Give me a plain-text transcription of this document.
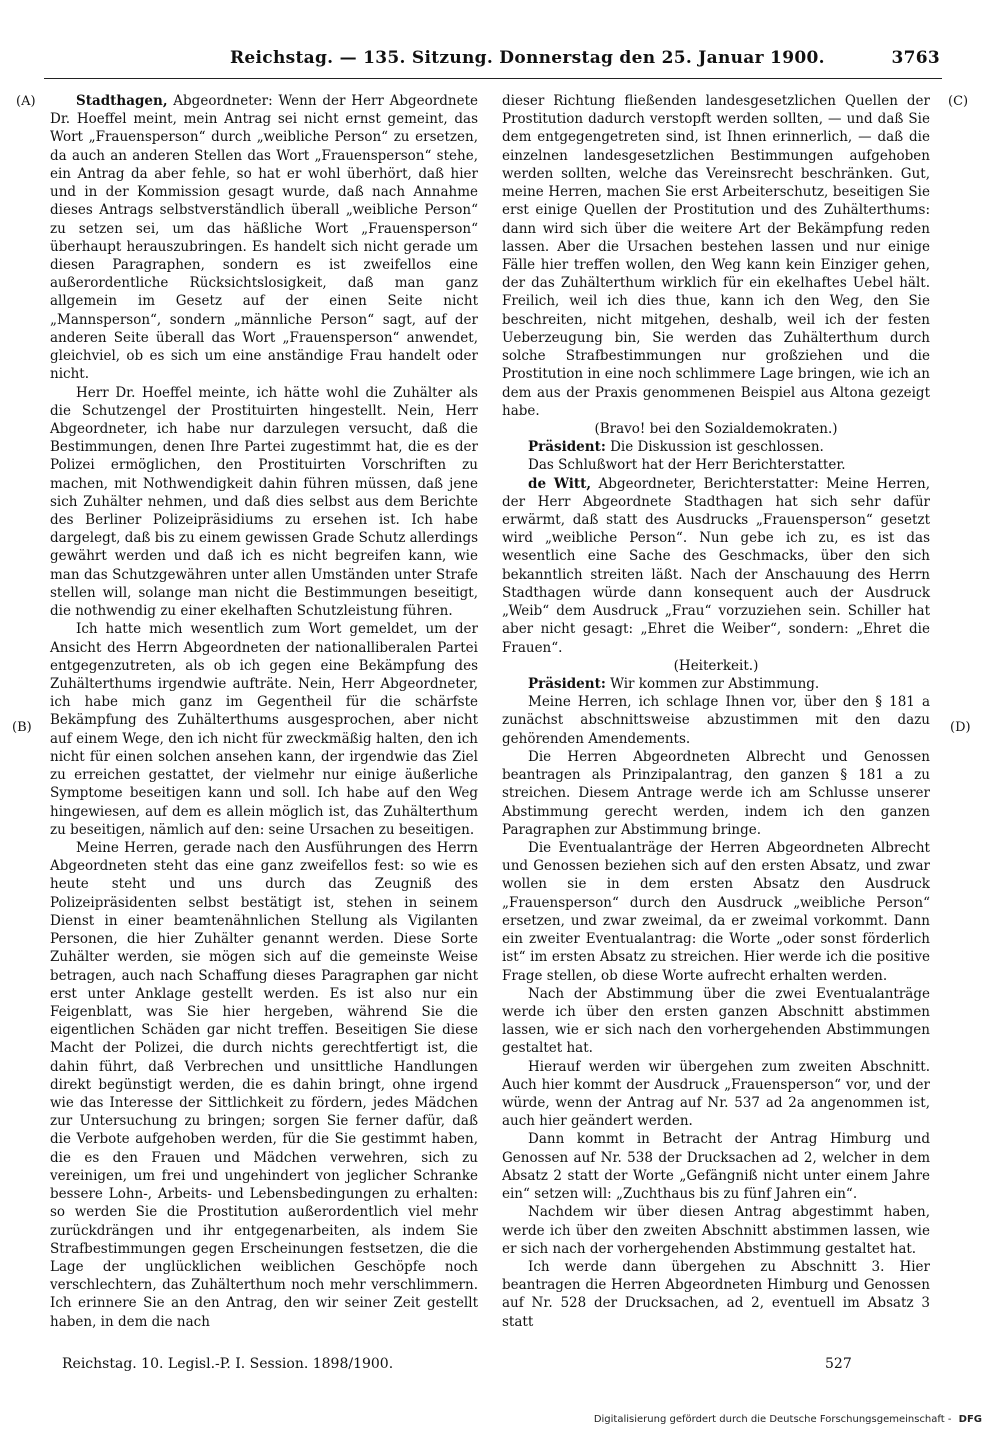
Reichstag. — 135. Sitzung. Donnerstag den 25. Januar 1900.	3763
(A)
(B)
(C)
(D)

Stadthagen, Abgeordneter: Wenn der Herr Abgeordnete Dr. Hoeffel meint, mein Antrag sei nicht ernst gemeint, das Wort „Frauensperson“ durch „weibliche Person“ zu ersetzen, da auch an anderen Stellen das Wort „Frauensperson“ stehe, ein Antrag da aber fehle, so hat er wohl überhört, daß hier und in der Kommission gesagt wurde, daß nach Annahme dieses Antrags selbstverständlich überall „weibliche Person“ zu setzen sei, um das häßliche Wort „Frauensperson“ überhaupt herauszubringen. Es handelt sich nicht gerade um diesen Paragraphen, sondern es ist zweifellos eine außerordentliche Rücksichtslosigkeit, daß man ganz allgemein im Gesetz auf der einen Seite nicht „Mannsperson“, sondern „männliche Person“ sagt, auf der anderen Seite überall das Wort „Frauensperson“ anwendet, gleichviel, ob es sich um eine anständige Frau handelt oder nicht.

Herr Dr. Hoeffel meinte, ich hätte wohl die Zuhälter als die Schutzengel der Prostituirten hingestellt. Nein, Herr Abgeordneter, ich habe nur darzulegen versucht, daß die Bestimmungen, denen Ihre Partei zugestimmt hat, die es der Polizei ermöglichen, den Prostituirten Vorschriften zu machen, mit Nothwendigkeit dahin führen müssen, daß jene sich Zuhälter nehmen, und daß dies selbst aus dem Berichte des Berliner Polizeipräsidiums zu ersehen ist. Ich habe dargelegt, daß bis zu einem gewissen Grade Schutz allerdings gewährt werden und daß ich es nicht begreifen kann, wie man das Schutzgewähren unter allen Umständen unter Strafe stellen will, solange man nicht die Bestimmungen beseitigt, die nothwendig zu einer ekelhaften Schutzleistung führen.

Ich hatte mich wesentlich zum Wort gemeldet, um der Ansicht des Herrn Abgeordneten der nationalliberalen Partei entgegenzutreten, als ob ich gegen eine Bekämpfung des Zuhälterthums irgendwie aufträte. Nein, Herr Abgeordneter, ich habe mich ganz im Gegentheil für die schärfste Bekämpfung des Zuhälterthums ausgesprochen, aber nicht auf einem Wege, den ich nicht für zweckmäßig halten, den ich nicht für einen solchen ansehen kann, der irgendwie das Ziel zu erreichen gestattet, der vielmehr nur einige äußerliche Symptome beseitigen kann und soll. Ich habe auf den Weg hingewiesen, auf dem es allein möglich ist, das Zuhälterthum zu beseitigen, nämlich auf den: seine Ursachen zu beseitigen.

Meine Herren, gerade nach den Ausführungen des Herrn Abgeordneten steht das eine ganz zweifellos fest: so wie es heute steht und uns durch das Zeugniß des Polizeipräsidenten selbst bestätigt ist, stehen in seinem Dienst in einer beamtenähnlichen Stellung als Vigilanten Personen, die hier Zuhälter genannt werden. Diese Sorte Zuhälter werden, sie mögen sich auf die gemeinste Weise betragen, auch nach Schaffung dieses Paragraphen gar nicht erst unter Anklage gestellt werden. Es ist also nur ein Feigenblatt, was Sie hier hergeben, während Sie die eigentlichen Schäden gar nicht treffen. Beseitigen Sie diese Macht der Polizei, die durch nichts gerechtfertigt ist, die dahin führt, daß Verbrechen und unsittliche Handlungen direkt begünstigt werden, die es dahin bringt, ohne irgend wie das Interesse der Sittlichkeit zu fördern, jedes Mädchen zur Untersuchung zu bringen; sorgen Sie ferner dafür, daß die Verbote aufgehoben werden, für die Sie gestimmt haben, die es den Frauen und Mädchen verwehren, sich zu vereinigen, um frei und ungehindert von jeglicher Schranke bessere Lohn-, Arbeits- und Lebensbedingungen zu erhalten: so werden Sie die Prostitution außerordentlich viel mehr zurückdrängen und ihr entgegenarbeiten, als indem Sie Strafbestimmungen gegen Erscheinungen festsetzen, die die Lage der unglücklichen weiblichen Geschöpfe noch verschlechtern, das Zuhälterthum noch mehr verschlimmern. Ich erinnere Sie an den Antrag, den wir seiner Zeit gestellt haben, in dem die nach

dieser Richtung fließenden landesgesetzlichen Quellen der Prostitution dadurch verstopft werden sollten, — und daß Sie dem entgegengetreten sind, ist Ihnen erinnerlich, — daß die einzelnen landesgesetzlichen Bestimmungen aufgehoben werden sollten, welche das Vereinsrecht beschränken. Gut, meine Herren, machen Sie erst Arbeiterschutz, beseitigen Sie erst einige Quellen der Prostitution und des Zuhälterthums: dann wird sich über die weitere Art der Bekämpfung reden lassen. Aber die Ursachen bestehen lassen und nur einige Fälle hier treffen wollen, den Weg kann kein Einziger gehen, der das Zuhälterthum wirklich für ein ekelhaftes Uebel hält. Freilich, weil ich dies thue, kann ich den Weg, den Sie beschreiten, nicht mitgehen, deshalb, weil ich der festen Ueberzeugung bin, Sie werden das Zuhälterthum durch solche Strafbestimmungen nur großziehen und die Prostitution in eine noch schlimmere Lage bringen, wie ich an dem aus der Praxis genommenen Beispiel aus Altona gezeigt habe.

(Bravo! bei den Sozialdemokraten.)

Präsident: Die Diskussion ist geschlossen.

Das Schlußwort hat der Herr Berichterstatter.

de Witt, Abgeordneter, Berichterstatter: Meine Herren, der Herr Abgeordnete Stadthagen hat sich sehr dafür erwärmt, daß statt des Ausdrucks „Frauensperson“ gesetzt wird „weibliche Person“. Nun gebe ich zu, es ist das wesentlich eine Sache des Geschmacks, über den sich bekanntlich streiten läßt. Nach der Anschauung des Herrn Stadthagen würde dann konsequent auch der Ausdruck „Weib“ dem Ausdruck „Frau“ vorzuziehen sein. Schiller hat aber nicht gesagt: „Ehret die Weiber“, sondern: „Ehret die Frauen“.

(Heiterkeit.)

Präsident: Wir kommen zur Abstimmung.

Meine Herren, ich schlage Ihnen vor, über den § 181 a zunächst abschnittsweise abzustimmen mit den dazu gehörenden Amendements.

Die Herren Abgeordneten Albrecht und Genossen beantragen als Prinzipalantrag, den ganzen § 181 a zu streichen. Diesem Antrage werde ich am Schlusse unserer Abstimmung gerecht werden, indem ich den ganzen Paragraphen zur Abstimmung bringe.

Die Eventualanträge der Herren Abgeordneten Albrecht und Genossen beziehen sich auf den ersten Absatz, und zwar wollen sie in dem ersten Absatz den Ausdruck „Frauensperson“ durch den Ausdruck „weibliche Person“ ersetzen, und zwar zweimal, da er zweimal vorkommt. Dann ein zweiter Eventualantrag: die Worte „oder sonst förderlich ist“ im ersten Absatz zu streichen. Hier werde ich die positive Frage stellen, ob diese Worte aufrecht erhalten werden.

Nach der Abstimmung über die zwei Eventualanträge werde ich über den ersten ganzen Abschnitt abstimmen lassen, wie er sich nach den vorhergehenden Abstimmungen gestaltet hat.

Hierauf werden wir übergehen zum zweiten Abschnitt. Auch hier kommt der Ausdruck „Frauensperson“ vor, und der würde, wenn der Antrag auf Nr. 537 ad 2a angenommen ist, auch hier geändert werden.

Dann kommt in Betracht der Antrag Himburg und Genossen auf Nr. 538 der Drucksachen ad 2, welcher in dem Absatz 2 statt der Worte „Gefängniß nicht unter einem Jahre ein“ setzen will: „Zuchthaus bis zu fünf Jahren ein“.

Nachdem wir über diesen Antrag abgestimmt haben, werde ich über den zweiten Abschnitt abstimmen lassen, wie er sich nach der vorhergehenden Abstimmung gestaltet hat.

Ich werde dann übergehen zu Abschnitt 3. Hier beantragen die Herren Abgeordneten Himburg und Genossen auf Nr. 528 der Drucksachen, ad 2, eventuell im Absatz 3 statt

Reichstag. 10. Legisl.-P. I. Session. 1898/1900.	527
Digitalisierung gefördert durch die Deutsche Forschungsgemeinschaft - DFG
